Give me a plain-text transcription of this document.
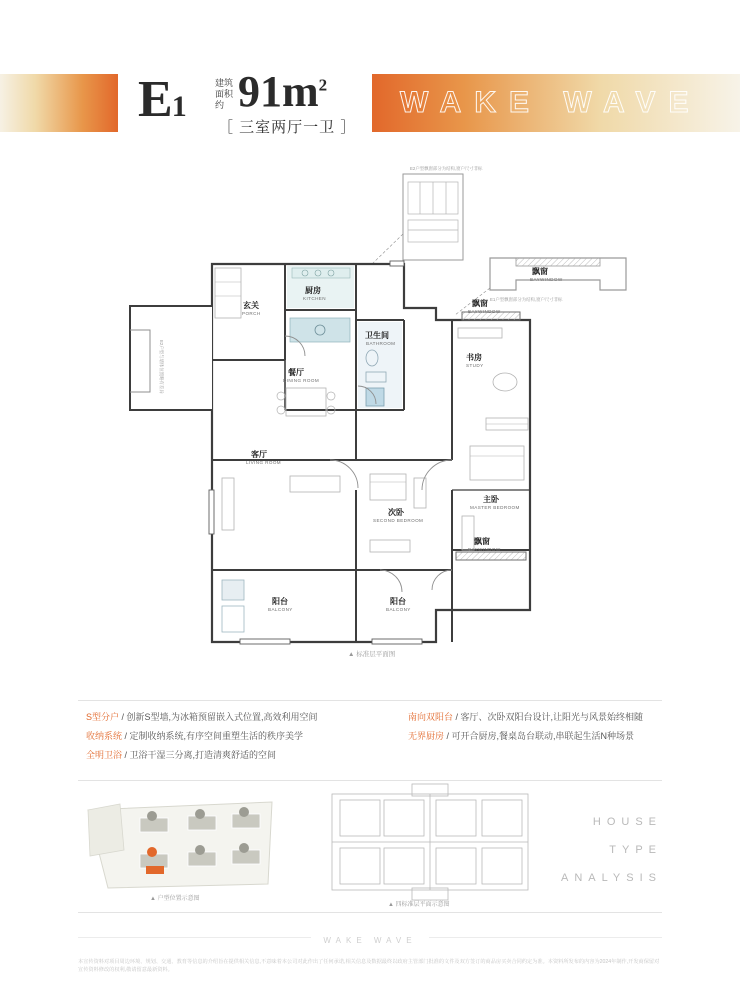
WAKE WAVE
E1
建筑
面积约 $91m^2$
［ 三室两厅一卫 ］
E2户型飘窗部分为结构,窗户尺寸非标
飘窗
BAYWINDOW
E1户型飘窗部分为结构,窗户尺寸非标
E2户型与墙体位置略有差异
厨房
KITCHEN
玄关
PORCH
餐厅
DINING ROOM
卫生间
BATHROOM
客厅
LIVING ROOM
书房
STUDY
飘窗
BAYWINDOW
主卧
MASTER BEDROOM
飘窗
BAYWINDOW
次卧
SECOND BEDROOM
阳台
BALCONY
阳台
BALCONY
▲ 标准层平面图
S型分户 / 创新S型墙,为冰箱预留嵌入式位置,高效利用空间
收纳系统 / 定制收纳系统,有序空间重塑生活的秩序美学
全明卫浴 / 卫浴干湿三分离,打造清爽舒适的空间
南向双阳台 / 客厅、次卧双阳台设计,让阳光与风景始终相随
无界厨房 / 可开合厨房,餐桌岛台联动,串联起生活N种场景
▲ 户型位置示意图
▲ 四标准层平面示意图
HOUSE
TYPE
ANALYSIS
WAKE WAVE
本宣传资料对项目周边环境、规划、交通、教育等信息的介绍旨在提供相关信息,不意味着本公司对此作出了任何承诺,相关信息及数据最终以政府主管部门批准的文件及双方签订的商品房买卖合同约定为准。本资料所发布的内容为2024年制作,开发商保留对宣传资料修改的权利,敬请留意最新资料。
